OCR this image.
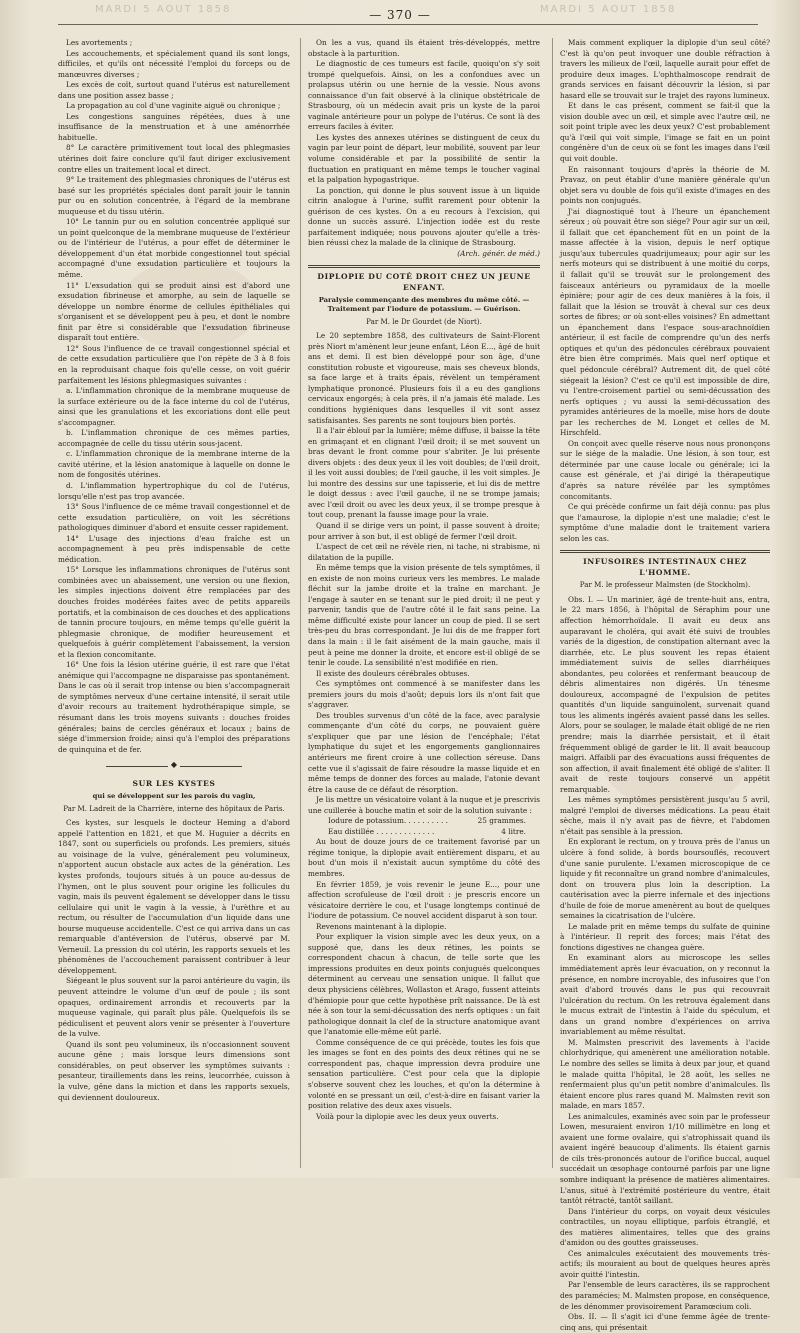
MARDI 5 AOUT 1858	MARDI 5 AOUT 1858
— 370 —

Les avortements ;

Les accouchements, et spécialement quand ils sont longs, difficiles, et qu'ils ont nécessité l'emploi du forceps ou de manœuvres diverses ;

Les excès de coït, surtout quand l'utérus est naturellement dans une position assez basse ;

La propagation au col d'une vaginite aiguë ou chronique ;

Les congestions sanguines répétées, dues à une insuffisance de la menstruation et à une aménorrhée habituelle.

8° Le caractère primitivement tout local des phlegmasies utérines doit faire conclure qu'il faut diriger exclusivement contre elles un traitement local et direct.

9° Le traitement des phlegmasies chroniques de l'utérus est basé sur les propriétés spéciales dont paraît jouir le tannin pur ou en solution concentrée, à l'égard de la membrane muqueuse et du tissu utérin.

10° Le tannin pur ou en solution concentrée appliqué sur un point quelconque de la membrane muqueuse de l'extérieur ou de l'intérieur de l'utérus, a pour effet de déterminer le développement d'un état morbide congestionnel tout spécial accompagné d'une exsudation particulière et toujours la même.

11° L'exsudation qui se produit ainsi est d'abord une exsudation fibrineuse et amorphe, au sein de laquelle se développe un nombre énorme de cellules épithéliales qui s'organisent et se développent peu à peu, et dont le nombre finit par être si considérable que l'exsudation fibrineuse disparaît tout entière.

12° Sous l'influence de ce travail congestionnel spécial et de cette exsudation particulière que l'on répète de 3 à 8 fois en la reproduisant chaque fois qu'elle cesse, on voit guérir parfaitement les lésions phlegmasiques suivantes :

a. L'inflammation chronique de la membrane muqueuse de la surface extérieure ou de la face interne du col de l'utérus, ainsi que les granulations et les excoriations dont elle peut s'accompagner.

b. L'inflammation chronique de ces mêmes parties, accompagnée de celle du tissu utérin sous-jacent.

c. L'inflammation chronique de la membrane interne de la cavité utérine, et la lésion anatomique à laquelle on donne le nom de fongosités utérines.

d. L'inflammation hypertrophique du col de l'utérus, lorsqu'elle n'est pas trop avancée.

13° Sous l'influence de ce même travail congestionnel et de cette exsudation particulière, on voit les sécrétions pathologiques diminuer d'abord et ensuite cesser rapidement.

14° L'usage des injections d'eau fraîche est un accompagnement à peu près indispensable de cette médication.

15° Lorsque les inflammations chroniques de l'utérus sont combinées avec un abaissement, une version ou une flexion, les simples injections doivent être remplacées par des douches froides modérées faites avec de petits appareils portatifs, et la combinaison de ces douches et des applications de tannin procure toujours, en même temps qu'elle guérit la phlegmasie chronique, de modifier heureusement et quelquefois à guérir complètement l'abaissement, la version et la flexion concomitante.

16° Une fois la lésion utérine guérie, il est rare que l'état anémique qui l'accompagne ne disparaisse pas spontanément. Dans le cas où il serait trop intense ou bien s'accompagnerait de symptômes nerveux d'une certaine intensité, il serait utile d'avoir recours au traitement hydrothérapique simple, se résumant dans les trois moyens suivants : douches froides générales; bains de cercles généraux et locaux ; bains de siége d'immersion froide; ainsi qu'à l'emploi des préparations de quinquina et de fer.

◆
SUR LES KYSTES
qui se développent sur les parois du vagin,
Par M. Ladreit de la Charrière, interne des hôpitaux de Paris.

Ces kystes, sur lesquels le docteur Heming a d'abord appelé l'attention en 1821, et que M. Huguier a décrits en 1847, sont ou superficiels ou profonds. Les premiers, situés au voisinage de la vulve, généralement peu volumineux, n'apportent aucun obstacle aux actes de la génération. Les kystes profonds, toujours situés à un pouce au-dessus de l'hymen, ont le plus souvent pour origine les follicules du vagin, mais ils peuvent également se développer dans le tissu cellulaire qui unit le vagin à la vessie, à l'urèthre et au rectum, ou résulter de l'accumulation d'un liquide dans une bourse muqueuse accidentelle. C'est ce qui arriva dans un cas remarquable d'antéversion de l'utérus, observé par M. Verneuil. La pression du col utérin, les rapports sexuels et les phénomènes de l'accouchement paraissent contribuer à leur développement.

Siégeant le plus souvent sur la paroi antérieure du vagin, ils peuvent atteindre le volume d'un œuf de poule ; ils sont opaques, ordinairement arrondis et recouverts par la muqueuse vaginale, qui paraît plus pâle. Quelquefois ils se pédiculisent et peuvent alors venir se présenter à l'ouverture de la vulve.

Quand ils sont peu volumineux, ils n'occasionnent souvent aucune gêne ; mais lorsque leurs dimensions sont considérables, on peut observer les symptômes suivants : pesanteur, tiraillements dans les reins, leucorrhée, cuisson à la vulve, gêne dans la miction et dans les rapports sexuels, qui deviennent douloureux.

On les a vus, quand ils étaient très-développés, mettre obstacle à la parturition.

Le diagnostic de ces tumeurs est facile, quoiqu'on s'y soit trompé quelquefois. Ainsi, on les a confondues avec un prolapsus utérin ou une hernie de la vessie. Nous avons connaissance d'un fait observé à la clinique obstétricale de Strasbourg, où un médecin avait pris un kyste de la paroi vaginale antérieure pour un polype de l'utérus. Ce sont là des erreurs faciles à éviter.

Les kystes des annexes utérines se distinguent de ceux du vagin par leur point de départ, leur mobilité, souvent par leur volume considérable et par la possibilité de sentir la fluctuation en pratiquant en même temps le toucher vaginal et la palpation hypogastrique.

La ponction, qui donne le plus souvent issue à un liquide citrin analogue à l'urine, suffit rarement pour obtenir la guérison de ces kystes. On a eu recours à l'excision, qui donne un succès assuré. L'injection iodée est du reste parfaitement indiquée; nous pouvons ajouter qu'elle a très-bien réussi chez la malade de la clinique de Strasbourg.

(Arch. génér. de méd.)
DIPLOPIE DU COTÉ DROIT CHEZ UN JEUNE ENFANT.
Paralysie commençante des membres du même côté. — Traitement par l'iodure de potassium. — Guérison.
Par M. le Dr Gourdet (de Niort).

Le 20 septembre 1858, des cultivateurs de Saint-Florent près Niort m'amènent leur jeune enfant, Léon E..., âgé de huit ans et demi. Il est bien développé pour son âge, d'une constitution robuste et vigoureuse, mais ses cheveux blonds, sa face large et à traits épais, révèlent un tempérament lymphatique prononcé. Plusieurs fois il a eu des ganglions cervicaux engorgés; à cela près, il n'a jamais été malade. Les conditions hygiéniques dans lesquelles il vit sont assez satisfaisantes. Ses parents ne sont toujours bien portés.

Il a l'air éblouï par la lumière; même diffuse, il baisse la tête en grimaçant et en clignant l'œil droit; il se met souvent un bras devant le front comme pour s'abriter. Je lui présente divers objets : des deux yeux il les voit doubles; de l'œil droit, il les voit aussi doubles; de l'œil gauche, il les voit simples. Je lui montre des dessins sur une tapisserie, et lui dis de mettre le doigt dessus : avec l'œil gauche, il ne se trompe jamais; avec l'œil droit ou avec les deux yeux, il se trompe presque à tout coup, prenant la fausse image pour la vraie.

Quand il se dirige vers un point, il passe souvent à droite; pour arriver à son but, il est obligé de fermer l'œil droit.

L'aspect de cet œil ne révèle rien, ni tache, ni strabisme, ni dilatation de la pupille.

En même temps que la vision présente de tels symptômes, il en existe de non moins curieux vers les membres. Le malade fléchit sur la jambe droite et la traîne en marchant. Je l'engage à sauter en se tenant sur le pied droit; il ne peut y parvenir, tandis que de l'autre côté il le fait sans peine. La même difficulté existe pour lancer un coup de pied. Il se sert très-peu du bras correspondant. Je lui dis de me frapper fort dans la main : il le fait aisément de la main gauche, mais il peut à peine me donner la droite, et encore est-il obligé de se tenir le coude. La sensibilité n'est modifiée en rien.

Il existe des douleurs cérébrales obtuses.

Ces symptômes ont commencé à se manifester dans les premiers jours du mois d'août; depuis lors ils n'ont fait que s'aggraver.

Des troubles survenus d'un côté de la face, avec paralysie commençante d'un côté du corps, ne pouvaient guère s'expliquer que par une lésion de l'encéphale; l'état lymphatique du sujet et les engorgements ganglionnaires antérieurs me firent croire à une collection séreuse. Dans cette vue il s'agissait de faire résoudre la masse liquide et en même temps de donner des forces au malade, l'atonie devant être la cause de ce défaut de résorption.

Je lis mettre un vésicatoire volant à la nuque et je prescrivis une cuillerée à bouche matin et soir de la solution suivante :

Iodure de potassium. . . . . . . . . .	25 grammes.
Eau distillée . . . . . . . . . . . . .	4 litre.

Au bout de douze jours de ce traitement favorisé par un régime tonique, la diplopie avait entièrement disparu, et au bout d'un mois il n'existait aucun symptôme du côté des membres.

En février 1859, je vois revenir le jeune E..., pour une affection scrofuleuse de l'œil droit : je prescris encore un vésicatoire derrière le cou, et l'usage longtemps continué de l'iodure de potassium. Ce nouvel accident disparut à son tour.

Revenons maintenant à la diplopie.

Pour expliquer la vision simple avec les deux yeux, on a supposé que, dans les deux rétines, les points se correspondent chacun à chacun, de telle sorte que les impressions produites en deux points conjugués quelconques déterminent au cerveau une sensation unique. Il fallut que deux physiciens célèbres, Wollaston et Arago, fussent atteints d'hémiopie pour que cette hypothèse prît naissance. De là est née à son tour la semi-décussation des nerfs optiques : un fait pathologique donnait la clef de la structure anatomique avant que l'anatomie elle-même eût parlé.

Comme conséquence de ce qui précède, toutes les fois que les images se font en des points des deux rétines qui ne se correspondent pas, chaque impression devra produire une sensation particulière. C'est pour cela que la diplopie s'observe souvent chez les louches, et qu'on la détermine à volonté en se pressant un œil, c'est-à-dire en faisant varier la position relative des deux axes visuels.

Voilà pour la diplopie avec les deux yeux ouverts.

Mais comment expliquer la diplopie d'un seul côté? C'est là qu'on peut invoquer une double réfraction à travers les milieux de l'œil, laquelle aurait pour effet de produire deux images. L'ophthalmoscope rendrait de grands services en faisant découvrir la lésion, si par hasard elle se trouvait sur le trajet des rayons lumineux.

Et dans le cas présent, comment se fait-il que la vision double avec un œil, et simple avec l'autre œil, ne soit point triple avec les deux yeux? C'est probablement qu'à l'œil qui voit simple, l'image se fait en un point congénère d'un de ceux où se font les images dans l'œil qui voit double.

En raisonnant toujours d'après la théorie de M. Pravaz, on peut établir d'une manière générale qu'un objet sera vu double de fois qu'il existe d'images en des points non conjugués.

J'ai diagnostiqué tout à l'heure un épanchement séreux ; où pouvait être son siége? Pour agir sur un œil, il fallait que cet épanchement fût en un point de la masse affectée à la vision, depuis le nerf optique jusqu'aux tubercules quadrijumeaux; pour agir sur les nerfs moteurs qui se distribuent à une moitié du corps, il fallait qu'il se trouvât sur le prolongement des faisceaux antérieurs ou pyramidaux de la moelle épinière; pour agir de ces deux manières à la fois, il fallait que la lésion se trouvât à cheval sur ces deux sortes de fibres; or où sont-elles voisines? En admettant un épanchement dans l'espace sous-arachnoïdien antérieur, il est facile de comprendre qu'un des nerfs optiques et qu'un des pédoncules cérébraux pouvaient être bien être comprimés. Mais quel nerf optique et quel pédoncule cérébral? Autrement dit, de quel côté siégeait la lésion? C'est ce qu'il est impossible de dire, vu l'entre-croisement partiel ou semi-décussation des nerfs optiques ; vu aussi la semi-décussation des pyramides antérieures de la moelle, mise hors de doute par les recherches de M. Longet et celles de M. Hirschfeld.

On conçoit avec quelle réserve nous nous prononçons sur le siége de la maladie. Une lésion, à son tour, est déterminée par une cause locale ou générale; ici la cause est générale, et j'ai dirigé la thérapeutique d'après sa nature révélée par les symptômes concomitants.

Ce qui précède confirme un fait déjà connu: pas plus que l'amaurose, la diplopie n'est une maladie; c'est le symptôme d'une maladie dont le traitement variera selon les cas.

INFUSOIRES INTESTINAUX CHEZ L'HOMME.
Par M. le professeur Malmsten (de Stockholm).

Obs. I. — Un marinier, âgé de trente-huit ans, entra, le 22 mars 1856, à l'hôpital de Séraphim pour une affection hémorrhoïdale. Il avait eu deux ans auparavant le choléra, qui avait été suivi de troubles variés de la digestion, de constipation alternant avec la diarrhée, etc. Le plus souvent les repas étaient immédiatement suivis de selles diarrhéiques abondantes, peu colorées et renfermant beaucoup de débris alimentaires non digérés. Un ténesme douloureux, accompagné de l'expulsion de petites quantités d'un liquide sanguinolent, survenait quand tous les aliments ingérés avaient passé dans les selles. Alors, pour se soulager, le malade était obligé de ne rien prendre; mais la diarrhée persistait, et il était fréquemment obligé de garder le lit. Il avait beaucoup maigri. Affaibli par des évacuations aussi fréquentes de son affection, il avait finalement été obligé de s'aliter. Il avait de reste toujours conservé un appétit remarquable.

Les mêmes symptômes persistèrent jusqu'au 5 avril, malgré l'emploi de diverses médications. La peau était sèche, mais il n'y avait pas de fièvre, et l'abdomen n'était pas sensible à la pression.

En explorant le rectum, on y trouva près de l'anus un ulcère à fond solide, à bords boursouflés, recouvert d'une sanie purulente. L'examen microscopique de ce liquide y fit reconnaître un grand nombre d'animalcules, dont on trouvera plus loin la description. La cautérisation avec la pierre infernale et des injections d'huile de foie de morue amenèrent au bout de quelques semaines la cicatrisation de l'ulcère.

Le malade prit en même temps du sulfate de quinine à l'intérieur. Il reprit des forces; mais l'état des fonctions digestives ne changea guère.

En examinant alors au microscope les selles immédiatement après leur évacuation, on y reconnut la présence, en nombre incroyable, des infusoires que l'on avait d'abord trouvés dans le pus qui recouvrait l'ulcération du rectum. On les retrouva également dans le mucus extrait de l'intestin à l'aide du spéculum, et dans un grand nombre d'expériences on arriva invariablement au même résultat.

M. Malmsten prescrivit des lavements à l'acide chlorhydrique, qui amenèrent une amélioration notable. Le nombre des selles se limita à deux par jour, et quand le malade quitta l'hôpital, le 28 août, les selles ne renfermaient plus qu'un petit nombre d'animalcules. Ils étaient encore plus rares quand M. Malmsten revit son malade, en mars 1857.

Les animalcules, examinés avec soin par le professeur Lowen, mesuraient environ 1/10 millimètre en long et avaient une forme ovalaire, qui s'atrophissait quand ils avaient ingéré beaucoup d'aliments. Ils étaient garnis de cils très-prononcés autour de l'orifice buccal, auquel succédait un œsophage contourné parfois par une ligne sombre indiquant la présence de matières alimentaires. L'anus, situé à l'extrémité postérieure du ventre, était tantôt rétracté, tantôt saillant.

Dans l'intérieur du corps, on voyait deux vésicules contractiles, un noyau elliptique, parfois étranglé, et des matières alimentaires, telles que des grains d'amidon ou des gouttes graisseuses.

Ces animalcules exécutaient des mouvements très-actifs; ils mouraient au bout de quelques heures après avoir quitté l'intestin.

Par l'ensemble de leurs caractères, ils se rapprochent des paramécies; M. Malmsten propose, en conséquence, de les dénommer provisoirement Paramœcium coli.

Obs. II. — Il s'agit ici d'une femme âgée de trente-cinq ans, qui présentait
